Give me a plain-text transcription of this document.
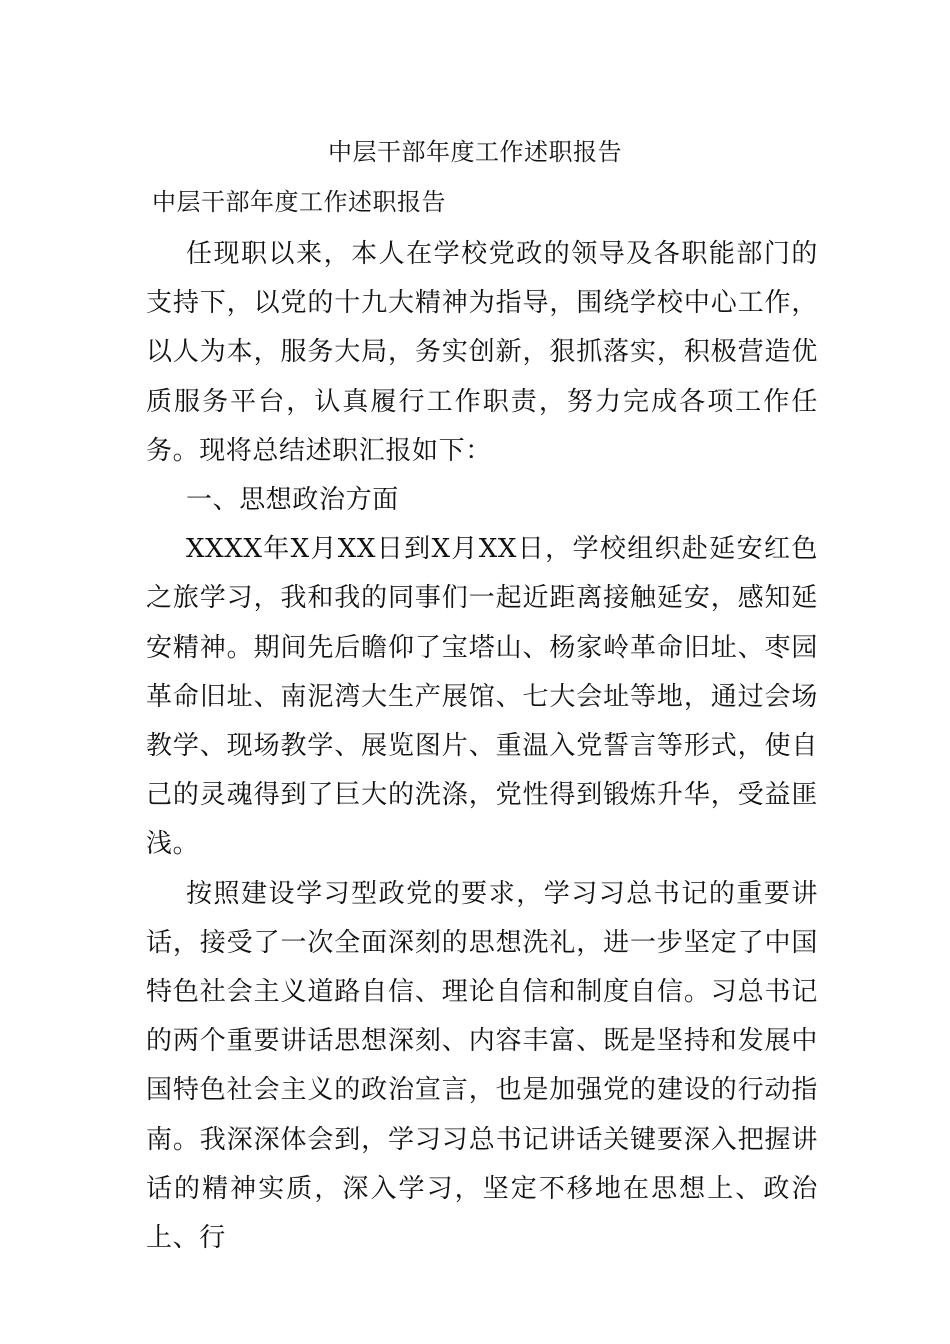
中层干部年度工作述职报告
中层干部年度工作述职报告

任现职以来，本人在学校党政的领导及各职能部门的支持下，以党的十九大精神为指导，围绕学校中心工作，以人为本，服务大局，务实创新，狠抓落实，积极营造优质服务平台，认真履行工作职责，努力完成各项工作任务。现将总结述职汇报如下：

一、思想政治方面

XXXX年X月XX日到X月XX日，学校组织赴延安红色之旅学习，我和我的同事们一起近距离接触延安，感知延安精神。期间先后瞻仰了宝塔山、杨家岭革命旧址、枣园革命旧址、南泥湾大生产展馆、七大会址等地，通过会场教学、现场教学、展览图片、重温入党誓言等形式，使自己的灵魂得到了巨大的洗涤，党性得到锻炼升华，受益匪浅。

按照建设学习型政党的要求，学习习总书记的重要讲话，接受了一次全面深刻的思想洗礼，进一步坚定了中国特色社会主义道路自信、理论自信和制度自信。习总书记的两个重要讲话思想深刻、内容丰富、既是坚持和发展中国特色社会主义的政治宣言，也是加强党的建设的行动指南。我深深体会到，学习习总书记讲话关键要深入把握讲话的精神实质，深入学习，坚定不移地在思想上、政治上、行
